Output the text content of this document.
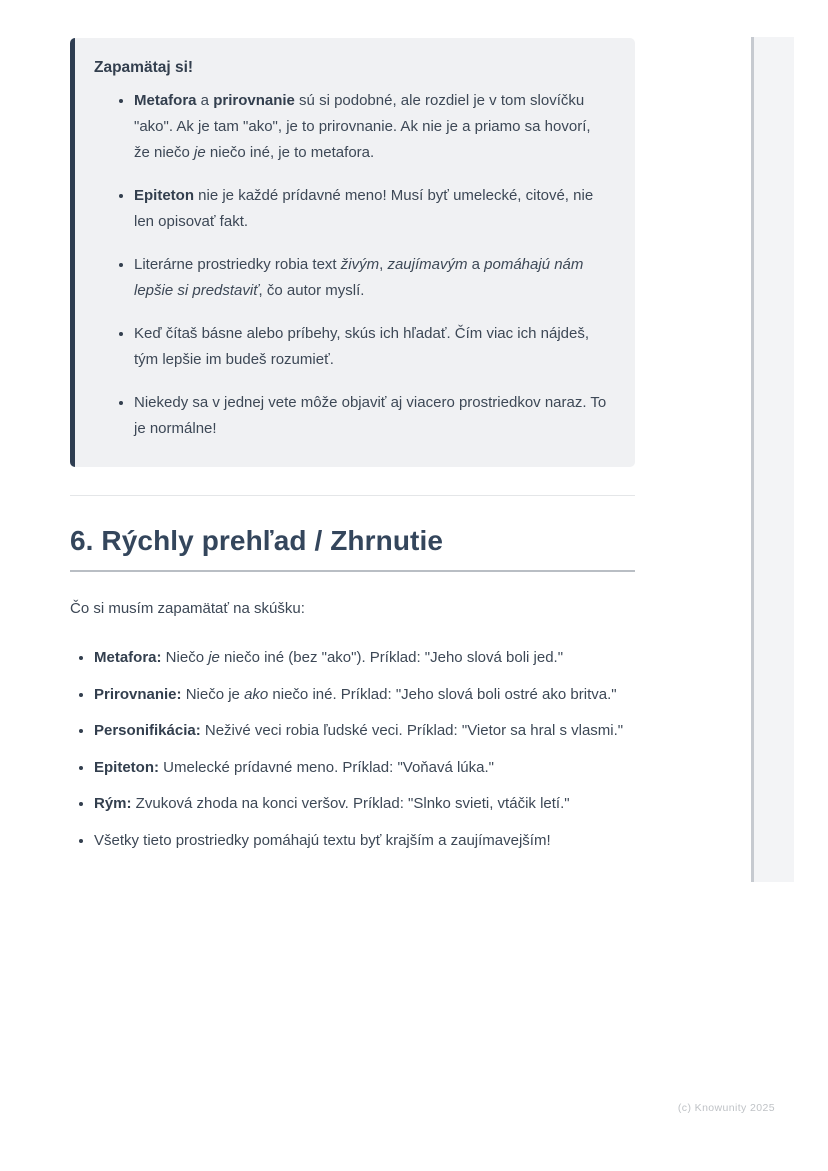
Zapamätaj si!

• Metafora a prirovnanie sú si podobné, ale rozdiel je v tom slovíčku "ako". Ak je tam "ako", je to prirovnanie. Ak nie je a priamo sa hovorí, že niečo je niečo iné, je to metafora.
• Epiteton nie je každé prídavné meno! Musí byť umelecké, citové, nie len opisovať fakt.
• Literárne prostriedky robia text živým, zaujímavým a pomáhajú nám lepšie si predstaviť, čo autor myslí.
• Keď čítaš básne alebo príbehy, skús ich hľadať. Čím viac ich nájdeš, tým lepšie im budeš rozumieť.
• Niekedy sa v jednej vete môže objaviť aj viacero prostriedkov naraz. To je normálne!
6. Rýchly prehľad / Zhrnutie

Čo si musím zapamätať na skúšku:

• Metafora: Niečo je niečo iné (bez "ako"). Príklad: "Jeho slová boli jed."
• Prirovnanie: Niečo je ako niečo iné. Príklad: "Jeho slová boli ostré ako britva."
• Personifikácia: Neživé veci robia ľudské veci. Príklad: "Vietor sa hral s vlasmi."
• Epiteton: Umelecké prídavné meno. Príklad: "Voňavá lúka."
• Rým: Zvuková zhoda na konci veršov. Príklad: "Slnko svieti, vtáčik letí."
• Všetky tieto prostriedky pomáhajú textu byť krajším a zaujímavejším!
(c) Knowunity 2025
